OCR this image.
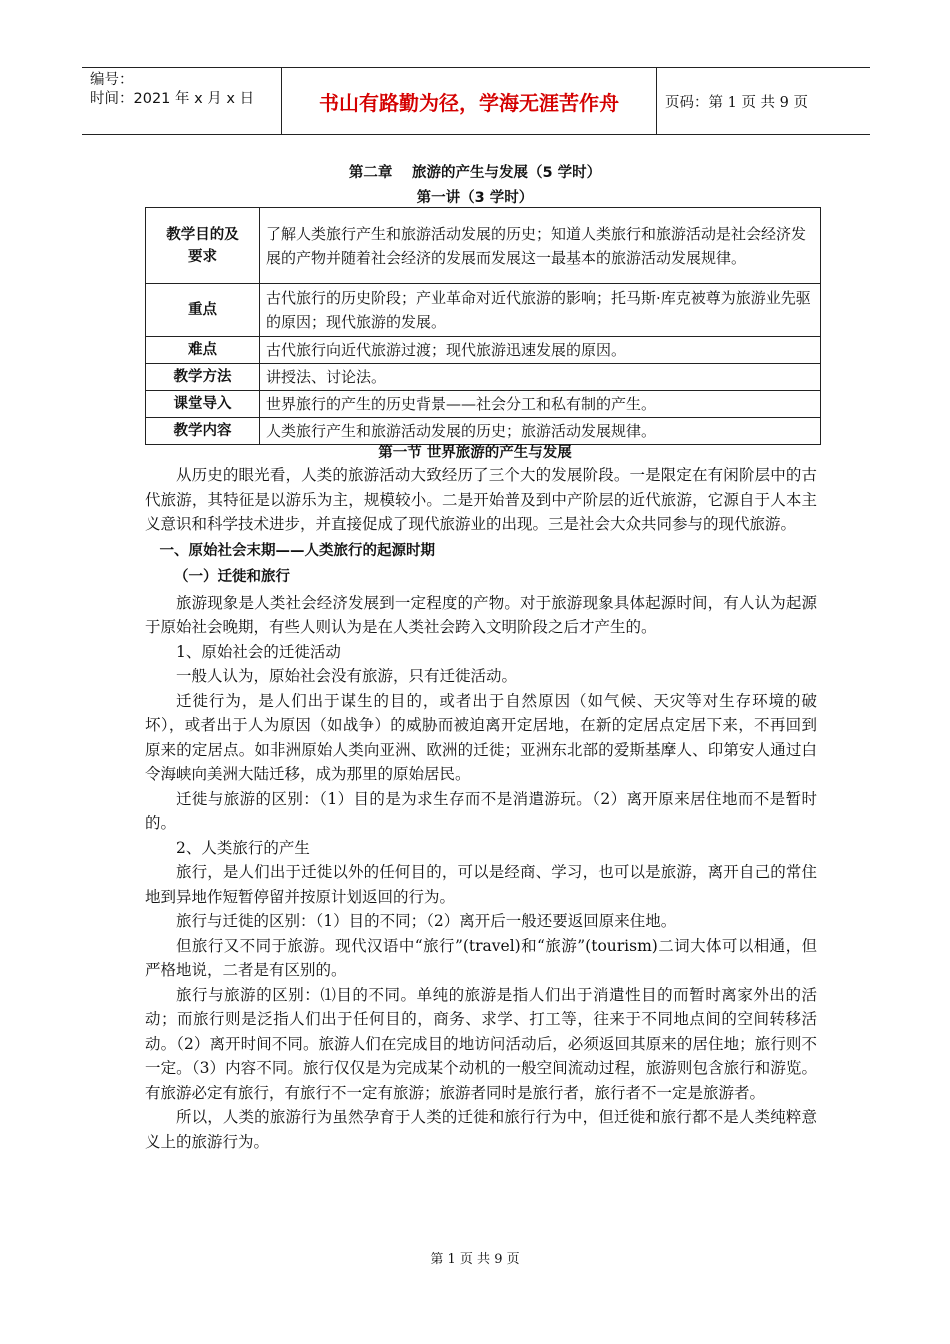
编号：
时间：2021 年 x 月 x 日	书山有路勤为径，学海无涯苦作舟	页码：第 1 页 共 9 页
第二章　 旅游的产生与发展（5 学时）
第一讲（3 学时）
教学目的及要求	了解人类旅行产生和旅游活动发展的历史；知道人类旅行和旅游活动是社会经济发展的产物并随着社会经济的发展而发展这一最基本的旅游活动发展规律。
重点	古代旅行的历史阶段；产业革命对近代旅游的影响；托马斯·库克被尊为旅游业先驱的原因；现代旅游的发展。
难点	古代旅行向近代旅游过渡；现代旅游迅速发展的原因。
教学方法	讲授法、讨论法。
课堂导入	世界旅行的产生的历史背景——社会分工和私有制的产生。
教学内容	人类旅行产生和旅游活动发展的历史；旅游活动发展规律。
第一节 世界旅游的产生与发展

从历史的眼光看，人类的旅游活动大致经历了三个大的发展阶段。一是限定在有闲阶层中的古代旅游，其特征是以游乐为主，规模较小。二是开始普及到中产阶层的近代旅游，它源自于人本主义意识和科学技术进步，并直接促成了现代旅游业的出现。三是社会大众共同参与的现代旅游。

一、原始社会末期——人类旅行的起源时期

（一）迁徙和旅行

旅游现象是人类社会经济发展到一定程度的产物。对于旅游现象具体起源时间，有人认为起源于原始社会晚期，有些人则认为是在人类社会跨入文明阶段之后才产生的。

1、原始社会的迁徙活动

一般人认为，原始社会没有旅游，只有迁徙活动。

迁徙行为，是人们出于谋生的目的，或者出于自然原因（如气候、天灾等对生存环境的破坏），或者出于人为原因（如战争）的威胁而被迫离开定居地，在新的定居点定居下来，不再回到原来的定居点。如非洲原始人类向亚洲、欧洲的迁徙；亚洲东北部的爱斯基摩人、印第安人通过白令海峡向美洲大陆迁移，成为那里的原始居民。

迁徙与旅游的区别：（1）目的是为求生存而不是消遣游玩。（2）离开原来居住地而不是暂时的。

2、人类旅行的产生

旅行，是人们出于迁徙以外的任何目的，可以是经商、学习，也可以是旅游，离开自己的常住地到异地作短暂停留并按原计划返回的行为。

旅行与迁徙的区别：（1）目的不同；（2）离开后一般还要返回原来住地。

但旅行又不同于旅游。现代汉语中“旅行”(travel)和“旅游”(tourism)二词大体可以相通，但严格地说，二者是有区别的。

旅行与旅游的区别：⑴目的不同。单纯的旅游是指人们出于消遣性目的而暂时离家外出的活动；而旅行则是泛指人们出于任何目的，商务、求学、打工等，往来于不同地点间的空间转移活动。（2）离开时间不同。旅游人们在完成目的地访问活动后，必须返回其原来的居住地；旅行则不一定。（3）内容不同。旅行仅仅是为完成某个动机的一般空间流动过程，旅游则包含旅行和游览。有旅游必定有旅行，有旅行不一定有旅游；旅游者同时是旅行者，旅行者不一定是旅游者。

所以，人类的旅游行为虽然孕育于人类的迁徙和旅行行为中，但迁徙和旅行都不是人类纯粹意义上的旅游行为。

第 1 页 共 9 页
